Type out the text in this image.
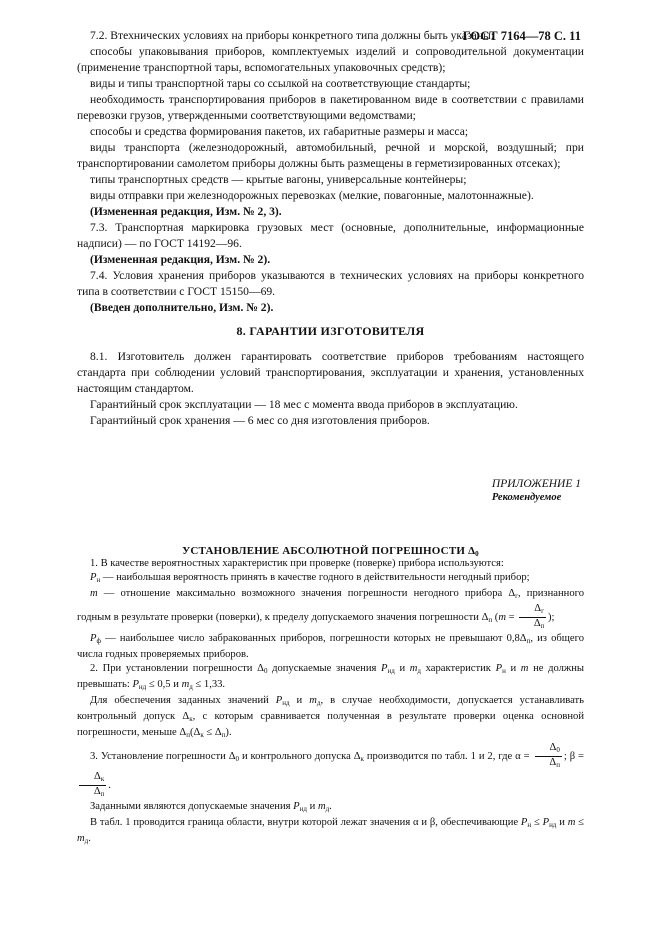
ГОСТ 7164—78 С. 11

7.2. Втехнических условиях на приборы конкретного типа должны быть указаны:

способы упаковывания приборов, комплектуемых изделий и сопроводительной документации (применение транспортной тары, вспомогательных упаковочных средств);

виды и типы транспортной тары со ссылкой на соответствующие стандарты;

необходимость транспортирования приборов в пакетированном виде в соответствии с правилами перевозки грузов, утвержденными соответствующими ведомствами;

способы и средства формирования пакетов, их габаритные размеры и масса;

виды транспорта (железнодорожный, автомобильный, речной и морской, воздушный; при транспортировании самолетом приборы должны быть размещены в герметизированных отсеках);

типы транспортных средств — крытые вагоны, универсальные контейнеры;

виды отправки при железнодорожных перевозках (мелкие, повагонные, малотоннажные).

(Измененная редакция, Изм. № 2, 3).

7.3. Транспортная маркировка грузовых мест (основные, дополнительные, информационные надписи) — по ГОСТ 14192—96.

(Измененная редакция, Изм. № 2).

7.4. Условия хранения приборов указываются в технических условиях на приборы конкретного типа в соответствии с ГОСТ 15150—69.

(Введен дополнительно, Изм. № 2).

8. ГАРАНТИИ ИЗГОТОВИТЕЛЯ

8.1. Изготовитель должен гарантировать соответствие приборов требованиям настоящего стандарта при соблюдении условий транспортирования, эксплуатации и хранения, установленных настоящим стандартом.

Гарантийный срок эксплуатации — 18 мес с момента ввода приборов в эксплуатацию.

Гарантийный срок хранения — 6 мес со дня изготовления приборов.

ПРИЛОЖЕНИЕ 1
Рекомендуемое
УСТАНОВЛЕНИЕ АБСОЛЮТНОЙ ПОГРЕШНОСТИ $\Delta_0$

1. В качестве вероятностных характеристик при проверке (поверке) прибора используются:

$P_н$ — наибольшая вероятность принять в качестве годного в действительности негодный прибор;

m — отношение максимально возможного значения погрешности негодного прибора $\Delta_г$, признанного годным в результате проверки (поверки), к пределу допускаемого значения погрешности $\Delta_п$ ($m = \frac{\Delta_г}{\Delta_п}$ );

$P_ф$ — наибольшее число забракованных приборов, погрешности которых не превышают $0,8\Delta_п$, из общего числа годных проверяемых приборов.

2. При установлении погрешности $\Delta_0$ допускаемые значения $P_{нд}$ и $m_д$ характеристик $P_н$ и m не должны превышать: $P_{нд} \le 0,5$ и $m_д \le 1,33$.

Для обеспечения заданных значений $P_{нд}$ и $m_д$, в случае необходимости, допускается устанавливать контрольный допуск $\Delta_к$, с которым сравнивается полученная в результате проверки оценка основной погрешности, меньше $\Delta_п(\Delta_к \le \Delta_п)$.

3. Установление погрешности $\Delta_0$ и контрольного допуска $\Delta_к$ производится по табл. 1 и 2, где $\alpha = \frac{\Delta_0}{\Delta_п}$ ; β =
$\frac{\Delta_к}{\Delta_п}$ .

Заданными являются допускаемые значения $P_{нд}$ и $m_д$.

В табл. 1 проводится граница области, внутри которой лежат значения α и β, обеспечивающие $P_н \le P_{нд}$ и $m \le m_д$.
